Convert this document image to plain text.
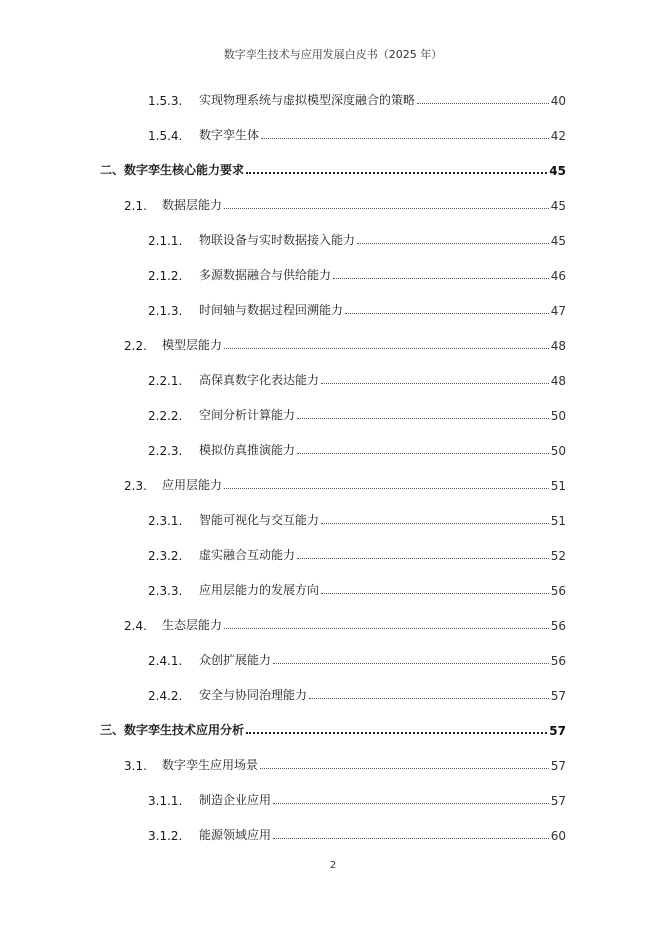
数字孪生技术与应用发展白皮书（2025 年）
1.5.3.	实现物理系统与虚拟模型深度融合的策略	40
1.5.4.	数字孪生体	42
二、数字孪生核心能力要求	45
2.1.	数据层能力	45
2.1.1.	物联设备与实时数据接入能力	45
2.1.2.	多源数据融合与供给能力	46
2.1.3.	时间轴与数据过程回溯能力	47
2.2.	模型层能力	48
2.2.1.	高保真数字化表达能力	48
2.2.2.	空间分析计算能力	50
2.2.3.	模拟仿真推演能力	50
2.3.	应用层能力	51
2.3.1.	智能可视化与交互能力	51
2.3.2.	虚实融合互动能力	52
2.3.3.	应用层能力的发展方向	56
2.4.	生态层能力	56
2.4.1.	众创扩展能力	56
2.4.2.	安全与协同治理能力	57
三、数字孪生技术应用分析	57
3.1.	数字孪生应用场景	57
3.1.1.	制造企业应用	57
3.1.2.	能源领域应用	60
2
